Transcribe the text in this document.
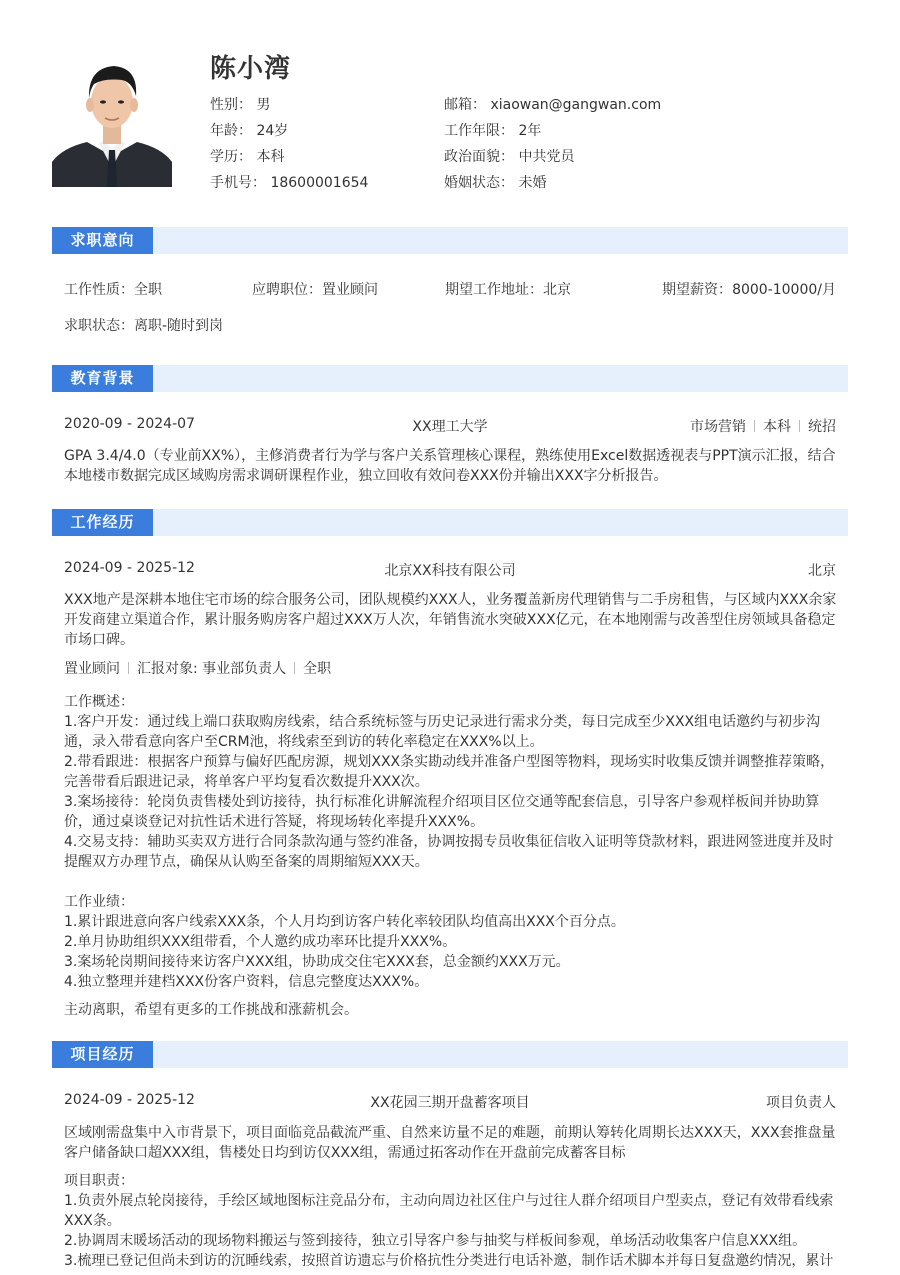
陈小湾
性别： 男
年龄： 24岁
学历： 本科
手机号： 18600001654
邮箱： xiaowan@gangwan.com
工作年限： 2年
政治面貌： 中共党员
婚姻状态： 未婚
求职意向
工作性质：全职	应聘职位：置业顾问	期望工作地址：北京	期望薪资：8000-10000/月
求职状态：离职-随时到岗
教育背景
2020-09 - 2024-07	XX理工大学	市场营销 本科 统招
GPA 3.4/4.0（专业前XX%），主修消费者行为学与客户关系管理核心课程，熟练使用Excel数据透视表与PPT演示汇报，结合本地楼市数据完成区域购房需求调研课程作业，独立回收有效问卷XXX份并输出XXX字分析报告。
工作经历
2024-09 - 2025-12	北京XX科技有限公司	北京
XXX地产是深耕本地住宅市场的综合服务公司，团队规模约XXX人，业务覆盖新房代理销售与二手房租售，与区域内XXX余家开发商建立渠道合作，累计服务购房客户超过XXX万人次，年销售流水突破XXX亿元，在本地刚需与改善型住房领域具备稳定市场口碑。
置业顾问 汇报对象: 事业部负责人 全职

工作概述：

1.客户开发：通过线上端口获取购房线索，结合系统标签与历史记录进行需求分类，每日完成至少XXX组电话邀约与初步沟通，录入带看意向客户至CRM池，将线索至到访的转化率稳定在XXX%以上。

2.带看跟进：根据客户预算与偏好匹配房源，规划XXX条实勘动线并准备户型图等物料，现场实时收集反馈并调整推荐策略，完善带看后跟进记录，将单客户平均复看次数提升XXX次。

3.案场接待：轮岗负责售楼处到访接待，执行标准化讲解流程介绍项目区位交通等配套信息，引导客户参观样板间并协助算价，通过桌谈登记对抗性话术进行答疑，将现场转化率提升XXX%。

4.交易支持：辅助买卖双方进行合同条款沟通与签约准备，协调按揭专员收集征信收入证明等贷款材料，跟进网签进度并及时提醒双方办理节点，确保从认购至备案的周期缩短XXX天。

工作业绩：

1.累计跟进意向客户线索XXX条，个人月均到访客户转化率较团队均值高出XXX个百分点。

2.单月协助组织XXX组带看，个人邀约成功率环比提升XXX%。

3.案场轮岗期间接待来访客户XXX组，协助成交住宅XXX套，总金额约XXX万元。

4.独立整理并建档XXX份客户资料，信息完整度达XXX%。

主动离职，希望有更多的工作挑战和涨薪机会。
项目经历
2024-09 - 2025-12	XX花园三期开盘蓄客项目	项目负责人
区域刚需盘集中入市背景下，项目面临竞品截流严重、自然来访量不足的难题，前期认筹转化周期长达XXX天，XXX套推盘量客户储备缺口超XXX组，售楼处日均到访仅XXX组，需通过拓客动作在开盘前完成蓄客目标

项目职责：

1.负责外展点轮岗接待，手绘区域地图标注竞品分布，主动向周边社区住户与过往人群介绍项目户型卖点，登记有效带看线索XXX条。

2.协调周末暖场活动的现场物料搬运与签到接待，独立引导客户参与抽奖与样板间参观，单场活动收集客户信息XXX组。

3.梳理已登记但尚未到访的沉睡线索，按照首访遗忘与价格抗性分类进行电话补邀，制作话术脚本并每日复盘邀约情况，累计
